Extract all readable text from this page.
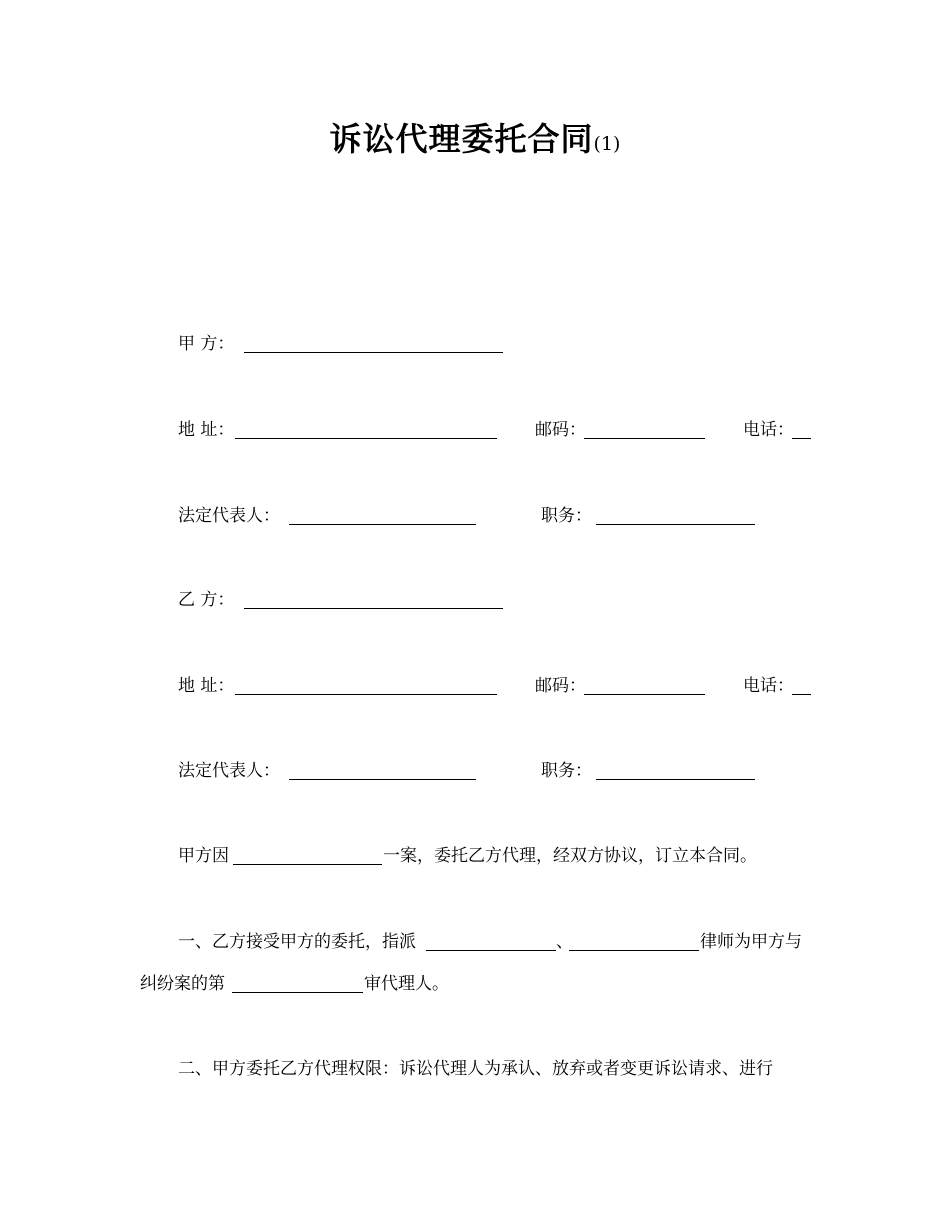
诉讼代理委托合同(1)
甲 方：
地 址：	邮码：	电话：
法定代表人：	职务：
乙 方：
地 址：	邮码：	电话：
法定代表人：	职务：
甲方因	一案，委托乙方代理，经双方协议，订立本合同。
一、乙方接受甲方的委托，指派	、	律师为甲方与
纠纷案的第	审代理人。
二、甲方委托乙方代理权限：诉讼代理人为承认、放弃或者变更诉讼请求、进行
